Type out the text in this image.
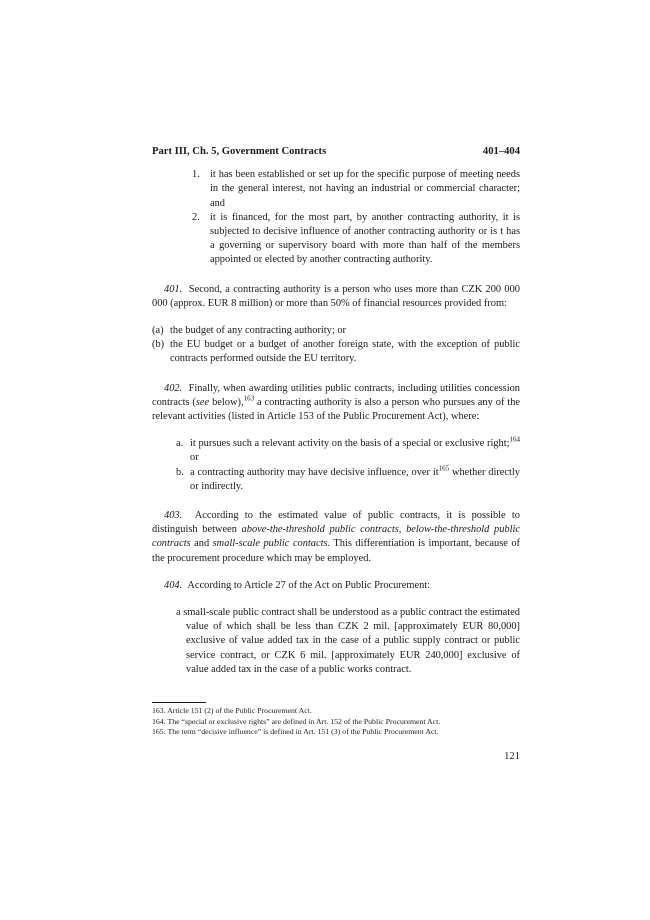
Part III, Ch. 5, Government Contracts	401–404
1. it has been established or set up for the specific purpose of meeting needs in the general interest, not having an industrial or commercial character; and
2. it is financed, for the most part, by another contracting authority, it is subjected to decisive influence of another contracting authority or is t has a governing or supervisory board with more than half of the members appointed or elected by another contracting authority.

401. Second, a contracting authority is a person who uses more than CZK 200 000 000 (approx. EUR 8 million) or more than 50% of financial resources provided from:

(a) the budget of any contracting authority; or
(b) the EU budget or a budget of another foreign state, with the exception of public contracts performed outside the EU territory.

402. Finally, when awarding utilities public contracts, including utilities concession contracts (see below),$^{163}$ a contracting authority is also a person who pursues any of the relevant activities (listed in Article 153 of the Public Procurement Act), where:

a. it pursues such a relevant activity on the basis of a special or exclusive right;$^{164}$ or
b. a contracting authority may have decisive influence, over $it^{165}$ whether directly or indirectly.

403. According to the estimated value of public contracts, it is possible to distinguish between above-the-threshold public contracts, below-the-threshold public contracts and small-scale public contacts. This differentiation is important, because of the procurement procedure which may be employed.

404. According to Article 27 of the Act on Public Procurement:

a small-scale public contract shall be understood as a public contract the estimated value of which shall be less than CZK 2 mil. [approximately EUR 80,000] exclusive of value added tax in the case of a public supply contract or public service contract, or CZK 6 mil. [approximately EUR 240,000] exclusive of value added tax in the case of a public works contract.

163. Article 151 (2) of the Public Procurement Act.
164. The “special or exclusive rights” are defined in Art. 152 of the Public Procurement Act.
165. The term “decisive influence” is defined in Art. 151 (3) of the Public Procurement Act.
121
